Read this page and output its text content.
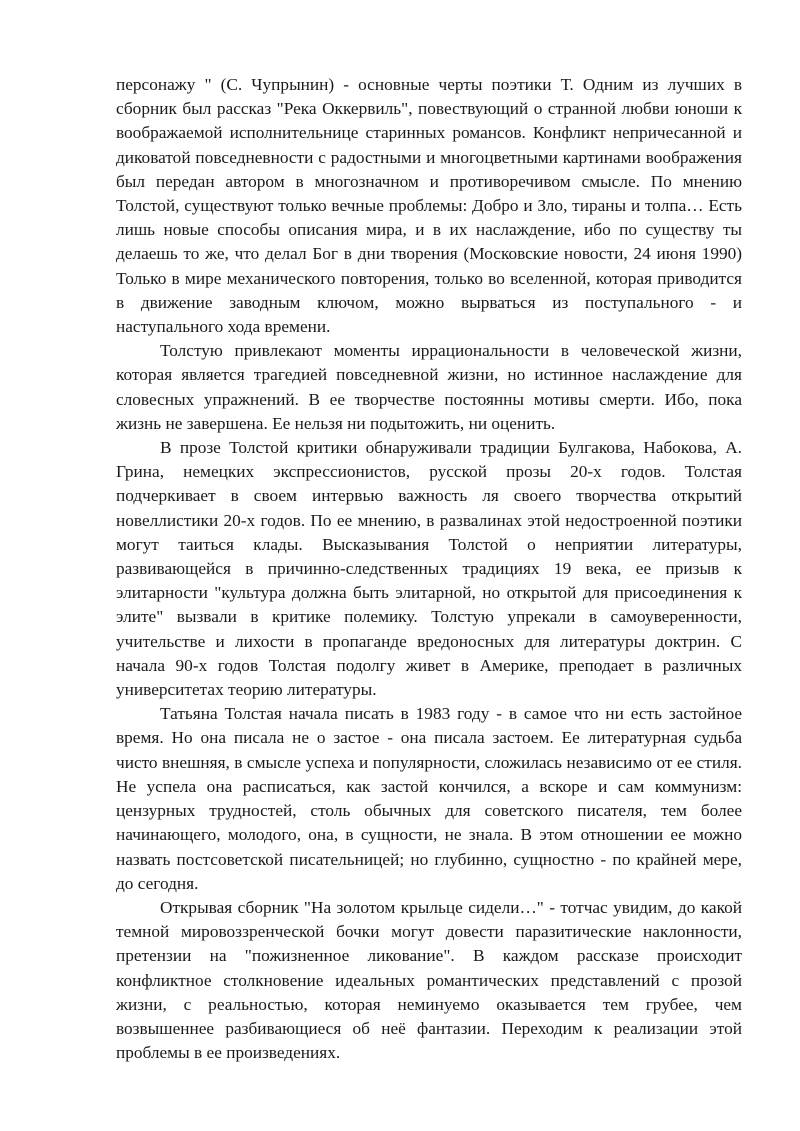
персонажу " (С. Чупрынин) - основные черты поэтики Т. Одним из лучших в сборник был рассказ "Река Оккервиль", повествующий о странной любви юноши к воображаемой исполнительнице старинных романсов. Конфликт непричесанной и диковатой повседневности с радостными и многоцветными картинами воображения был передан автором в многозначном и противоречивом смысле. По мнению Толстой, существуют только вечные проблемы: Добро и Зло, тираны и толпа… Есть лишь новые способы описания мира, и в их наслаждение, ибо по существу ты делаешь то же, что делал Бог в дни творения (Московские новости, 24 июня 1990) Только в мире механического повторения, только во вселенной, которая приводится в движение заводным ключом, можно вырваться из поступального - и наступального хода времени.

Толстую привлекают моменты иррациональности в человеческой жизни, которая является трагедией повседневной жизни, но истинное наслаждение для словесных упражнений. В ее творчестве постоянны мотивы смерти. Ибо, пока жизнь не завершена. Ее нельзя ни подытожить, ни оценить.

В прозе Толстой критики обнаруживали традиции Булгакова, Набокова, А. Грина, немецких экспрессионистов, русской прозы 20-х годов. Толстая подчеркивает в своем интервью важность ля своего творчества открытий новеллистики 20-х годов. По ее мнению, в развалинах этой недостроенной поэтики могут таиться клады. Высказывания Толстой о неприятии литературы, развивающейся в причинно-следственных традициях 19 века, ее призыв к элитарности "культура должна быть элитарной, но открытой для присоединения к элите" вызвали в критике полемику. Толстую упрекали в самоуверенности, учительстве и лихости в пропаганде вредоносных для литературы доктрин. С начала 90-х годов Толстая подолгу живет в Америке, преподает в различных университетах теорию литературы.

Татьяна Толстая начала писать в 1983 году - в самое что ни есть застойное время. Но она писала не о застое - она писала застоем. Ее литературная судьба чисто внешняя, в смысле успеха и популярности, сложилась независимо от ее стиля. Не успела она расписаться, как застой кончился, а вскоре и сам коммунизм: цензурных трудностей, столь обычных для советского писателя, тем более начинающего, молодого, она, в сущности, не знала. В этом отношении ее можно назвать постсоветской писательницей; но глубинно, сущностно - по крайней мере, до сегодня.

Открывая сборник "На золотом крыльце сидели…" - тотчас увидим, до какой темной мировоззренческой бочки могут довести паразитические наклонности, претензии на "пожизненное ликование". В каждом рассказе происходит конфликтное столкновение идеальных романтических представлений с прозой жизни, с реальностью, которая неминуемо оказывается тем грубее, чем возвышеннее разбивающиеся об неё фантазии. Переходим к реализации этой проблемы в ее произведениях.
